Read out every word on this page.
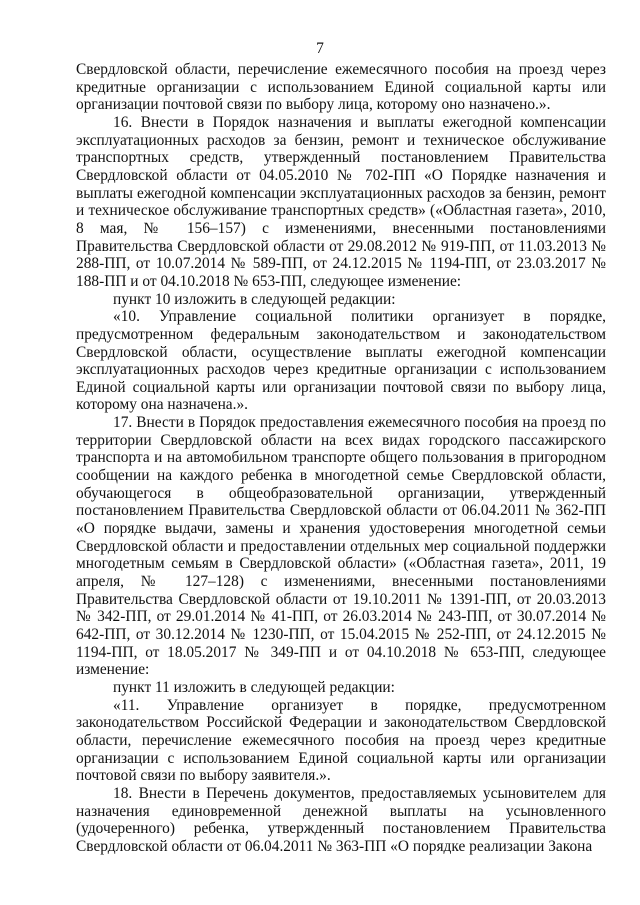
7

Свердловской области, перечисление ежемесячного пособия на проезд через кредитные организации с использованием Единой социальной карты или организации почтовой связи по выбору лица, которому оно назначено.».

16. Внести в Порядок назначения и выплаты ежегодной компенсации эксплуатационных расходов за бензин, ремонт и техническое обслуживание транспортных средств, утвержденный постановлением Правительства Свердловской области от 04.05.2010 № 702-ПП «О Порядке назначения и выплаты ежегодной компенсации эксплуатационных расходов за бензин, ремонт и техническое обслуживание транспортных средств» («Областная газета», 2010, 8 мая, № 156–157) с изменениями, внесенными постановлениями Правительства Свердловской области от 29.08.2012 № 919-ПП, от 11.03.2013 № 288-ПП, от 10.07.2014 № 589-ПП, от 24.12.2015 № 1194-ПП, от 23.03.2017 № 188-ПП и от 04.10.2018 № 653-ПП, следующее изменение:

пункт 10 изложить в следующей редакции:

«10. Управление социальной политики организует в порядке, предусмотренном федеральным законодательством и законодательством Свердловской области, осуществление выплаты ежегодной компенсации эксплуатационных расходов через кредитные организации с использованием Единой социальной карты или организации почтовой связи по выбору лица, которому она назначена.».

17. Внести в Порядок предоставления ежемесячного пособия на проезд по территории Свердловской области на всех видах городского пассажирского транспорта и на автомобильном транспорте общего пользования в пригородном сообщении на каждого ребенка в многодетной семье Свердловской области, обучающегося в общеобразовательной организации, утвержденный постановлением Правительства Свердловской области от 06.04.2011 № 362-ПП «О порядке выдачи, замены и хранения удостоверения многодетной семьи Свердловской области и предоставлении отдельных мер социальной поддержки многодетным семьям в Свердловской области» («Областная газета», 2011, 19 апреля, № 127–128) с изменениями, внесенными постановлениями Правительства Свердловской области от 19.10.2011 № 1391-ПП, от 20.03.2013 № 342-ПП, от 29.01.2014 № 41-ПП, от 26.03.2014 № 243-ПП, от 30.07.2014 № 642-ПП, от 30.12.2014 № 1230-ПП, от 15.04.2015 № 252-ПП, от 24.12.2015 № 1194-ПП, от 18.05.2017 № 349-ПП и от 04.10.2018 № 653-ПП, следующее изменение:

пункт 11 изложить в следующей редакции:

«11. Управление организует в порядке, предусмотренном законодательством Российской Федерации и законодательством Свердловской области, перечисление ежемесячного пособия на проезд через кредитные организации с использованием Единой социальной карты или организации почтовой связи по выбору заявителя.».

18. Внести в Перечень документов, предоставляемых усыновителем для назначения единовременной денежной выплаты на усыновленного (удочеренного) ребенка, утвержденный постановлением Правительства Свердловской области от 06.04.2011 № 363-ПП «О порядке реализации Закона
